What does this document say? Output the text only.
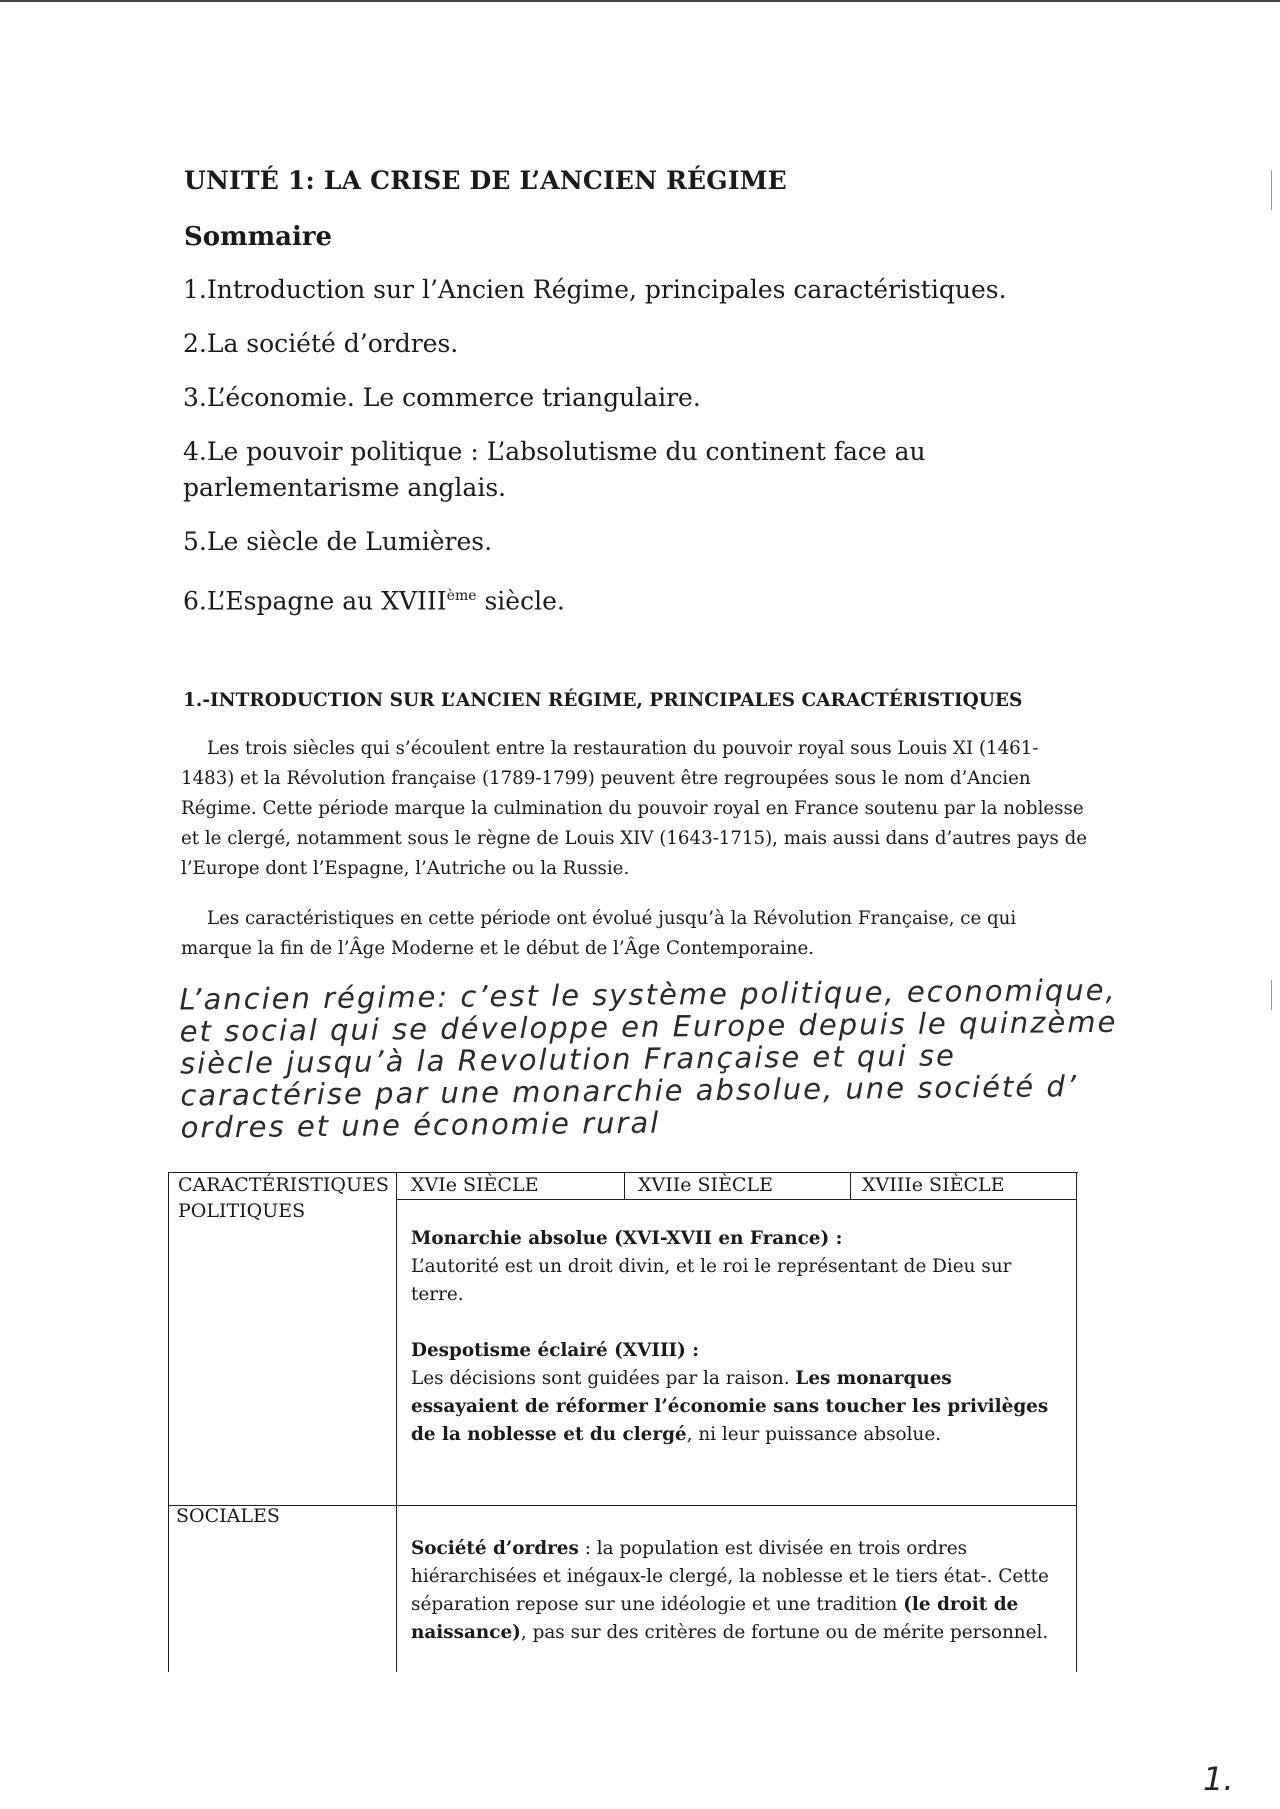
UNITÉ 1: LA CRISE DE L’ANCIEN RÉGIME
Sommaire
1.Introduction sur l’Ancien Régime, principales caractéristiques.
2.La société d’ordres.
3.L’économie. Le commerce triangulaire.
4.Le pouvoir politique : L’absolutisme du continent face au
parlementarisme anglais.
5.Le siècle de Lumières.
6.L’Espagne au XVIIIème siècle.
1.-INTRODUCTION SUR L’ANCIEN RÉGIME, PRINCIPALES CARACTÉRISTIQUES
Les trois siècles qui s’écoulent entre la restauration du pouvoir royal sous Louis XI (1461-1483) et la Révolution française (1789-1799) peuvent être regroupées sous le nom d’Ancien Régime. Cette période marque la culmination du pouvoir royal en France soutenu par la noblesse et le clergé, notamment sous le règne de Louis XIV (1643-1715), mais aussi dans d’autres pays de l’Europe dont l’Espagne, l’Autriche ou la Russie.
Les caractéristiques en cette période ont évolué jusqu’à la Révolution Française, ce qui marque la fin de l’Âge Moderne et le début de l’Âge Contemporaine.
L’ancien régime: c’est le système politique, economique,
et social qui se développe en Europe depuis le quinzème
siècle jusqu’à la Revolution Française et qui se
caractérise par une monarchie absolue, une société d’
ordres et une économie rural
CARACTÉRISTIQUES XVIe SIÈCLE	XVIIe SIÈCLE	XVIIIe SIÈCLE
POLITIQUES
Monarchie absolue (XVI-XVII en France) :
L’autorité est un droit divin, et le roi le représentant de Dieu sur terre.
Despotisme éclairé (XVIII) :
Les décisions sont guidées par la raison. Les monarques essayaient de réformer l’économie sans toucher les privilèges de la noblesse et du clergé, ni leur puissance absolue.
SOCIALES
Société d’ordres : la population est divisée en trois ordres hiérarchisées et inégaux-le clergé, la noblesse et le tiers état-. Cette séparation repose sur une idéologie et une tradition (le droit de naissance), pas sur des critères de fortune ou de mérite personnel.
1.
